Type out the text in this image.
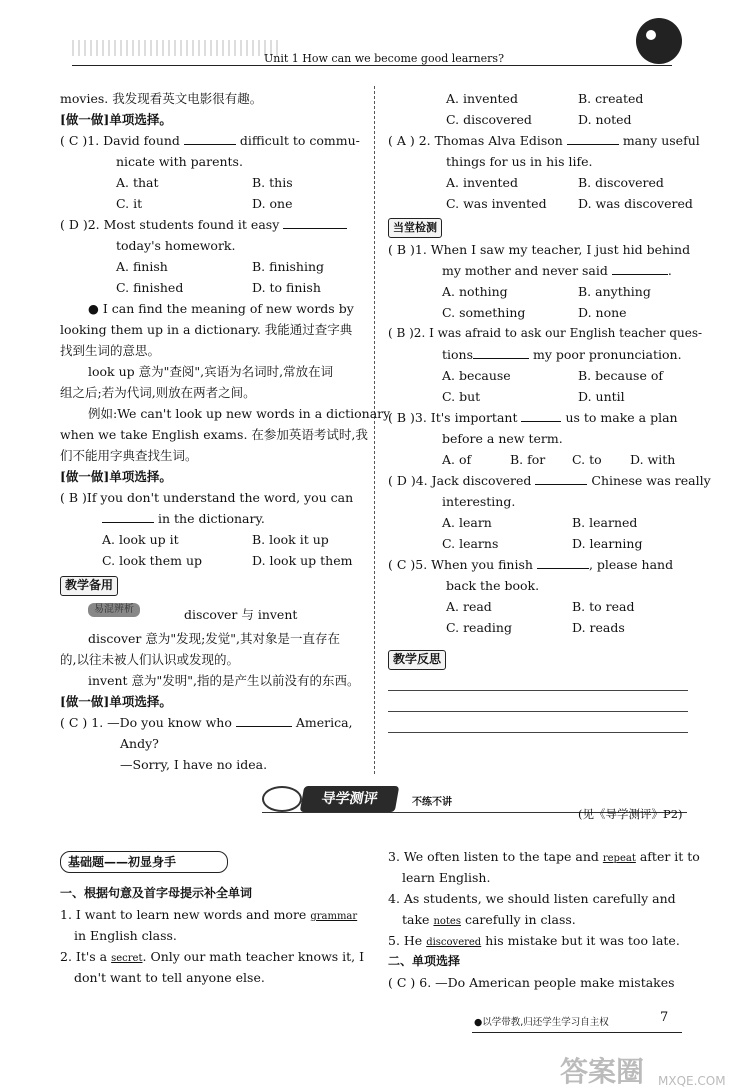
Unit 1 How can we become good learners?
movies. 我发现看英文电影很有趣。
[做一做]单项选择。
( C )1. David found	difficult to commu-
nicate with parents.
A. that	B. this
C. it	D. one
( D )2. Most students found it easy
today's homework.
A. finish	B. finishing
C. finished	D. to finish
● I can find the meaning of new words by
looking them up in a dictionary. 我能通过查字典
找到生词的意思。
look up 意为"查阅",宾语为名词时,常放在词
组之后;若为代词,则放在两者之间。
例如:We can't look up new words in a dictionary
when we take English exams. 在参加英语考试时,我
们不能用字典查找生词。
[做一做]单项选择。
( B )If you don't understand the word, you can
in the dictionary.
A. look up it	B. look it up
C. look them up	D. look up them
教学备用
易混辨析	discover 与 invent
discover 意为"发现;发觉",其对象是一直存在
的,以往未被人们认识或发现的。
invent 意为"发明",指的是产生以前没有的东西。
[做一做]单项选择。
( C ) 1. —Do you know who	America,
Andy?
—Sorry, I have no idea.
A. invented	B. created
C. discovered	D. noted
( A ) 2. Thomas Alva Edison	many useful
things for us in his life.
A. invented	B. discovered
C. was invented	D. was discovered
当堂检测
( B )1. When I saw my teacher, I just hid behind
my mother and never said	.
A. nothing	B. anything
C. something	D. none
( B )2. I was afraid to ask our English teacher ques-
tions	my poor pronunciation.
A. because	B. because of
C. but	D. until
( B )3. It's important	us to make a plan
before a new term.
A. of	B. for C. to D. with
( D )4. Jack discovered	Chinese was really
interesting.
A. learn	B. learned
C. learns	D. learning
( C )5. When you finish	, please hand
back the book.
A. read	B. to read
C. reading	D. reads
教学反思
导学测评	不练不讲
(见《导学测评》P2)
基础题——初显身手
一、根据句意及首字母提示补全单词
1. I want to learn new words and more grammar
in English class.
2. It's a secret. Only our math teacher knows it, I
don't want to tell anyone else.
3. We often listen to the tape and repeat after it to
learn English.
4. As students, we should listen carefully and
take notes carefully in class.
5. He discovered his mistake but it was too late.
二、单项选择
( C ) 6. —Do American people make mistakes
●以学带教,归还学生学习自主权	7
答案圈 MXQE.COM
